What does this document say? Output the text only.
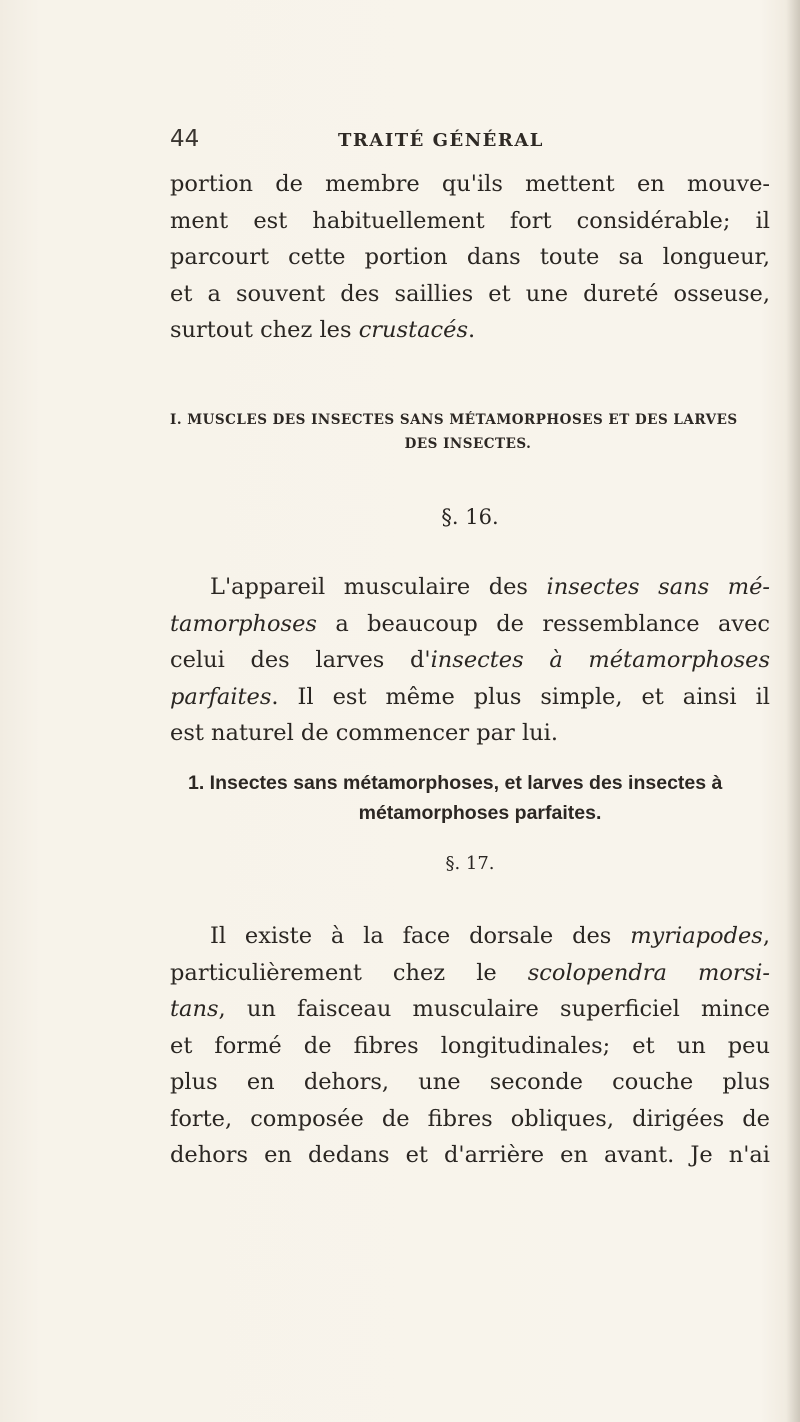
44	TRAITÉ GÉNÉRAL
portion de membre qu'ils mettent en mouve-
ment est habituellement fort considérable; il
parcourt cette portion dans toute sa longueur,
et a souvent des saillies et une dureté osseuse,
surtout chez les crustacés.
I. MUSCLES DES INSECTES SANS MÉTAMORPHOSES ET DES LARVES
DES INSECTES.
§. 16.
L'appareil musculaire des insectes sans mé-
tamorphoses a beaucoup de ressemblance avec
celui des larves d'insectes à métamorphoses
parfaites. Il est même plus simple, et ainsi il
est naturel de commencer par lui.
1. Insectes sans métamorphoses, et larves des insectes à
métamorphoses parfaites.
§. 17.
Il existe à la face dorsale des myriapodes,
particulièrement chez le scolopendra morsi-
tans, un faisceau musculaire superficiel mince
et formé de fibres longitudinales; et un peu
plus en dehors, une seconde couche plus
forte, composée de fibres obliques, dirigées de
dehors en dedans et d'arrière en avant. Je n'ai
